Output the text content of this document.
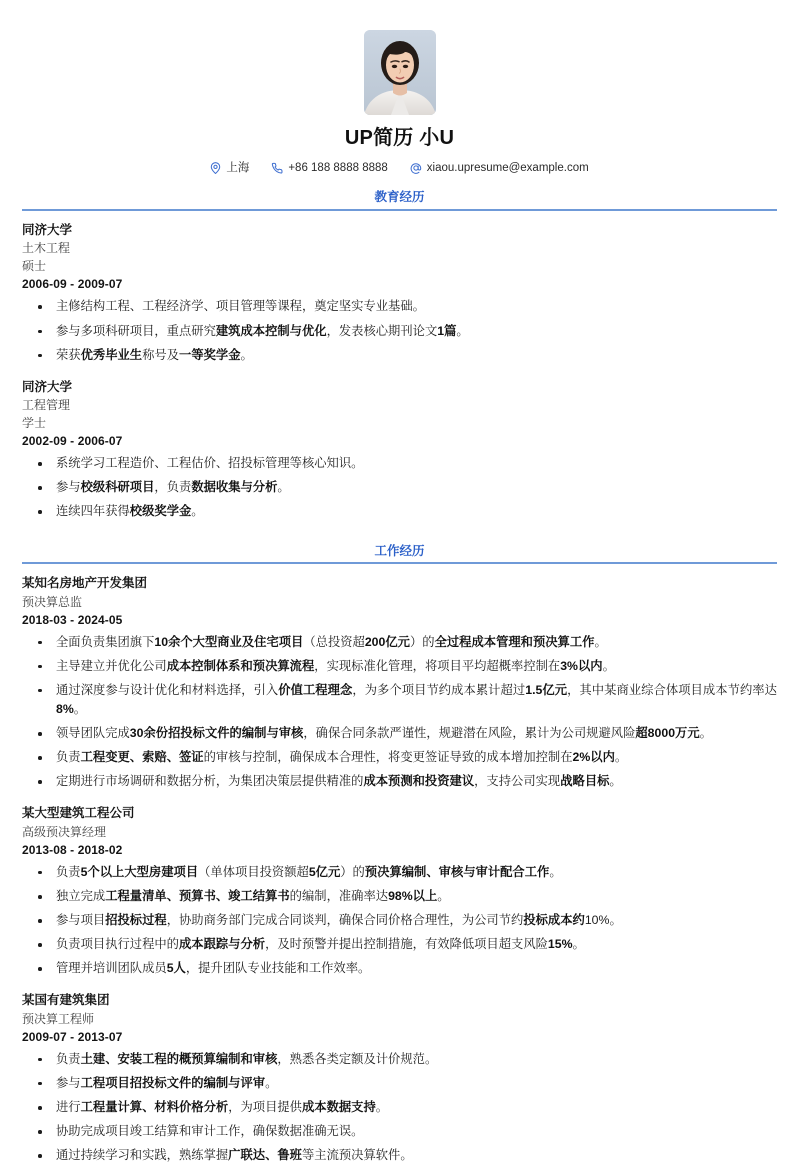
UP简历 小U
上海	+86 188 8888 8888	xiaou.upresume@example.com
教育经历
同济大学
土木工程
硕士
2006-09 - 2009-07
主修结构工程、工程经济学、项目管理等课程，奠定坚实专业基础。
参与多项科研项目，重点研究建筑成本控制与优化，发表核心期刊论文1篇。
荣获优秀毕业生称号及一等奖学金。
同济大学
工程管理
学士
2002-09 - 2006-07
系统学习工程造价、工程估价、招投标管理等核心知识。
参与校级科研项目，负责数据收集与分析。
连续四年获得校级奖学金。
工作经历
某知名房地产开发集团
预决算总监
2018-03 - 2024-05
全面负责集团旗下10余个大型商业及住宅项目（总投资超200亿元）的全过程成本管理和预决算工作。
主导建立并优化公司成本控制体系和预决算流程，实现标准化管理，将项目平均超概率控制在3%以内。
通过深度参与设计优化和材料选择，引入价值工程理念，为多个项目节约成本累计超过1.5亿元，其中某商业综合体项目成本节约率达8%。
领导团队完成30余份招投标文件的编制与审核，确保合同条款严谨性，规避潜在风险，累计为公司规避风险超8000万元。
负责工程变更、索赔、签证的审核与控制，确保成本合理性，将变更签证导致的成本增加控制在2%以内。
定期进行市场调研和数据分析，为集团决策层提供精准的成本预测和投资建议，支持公司实现战略目标。
某大型建筑工程公司
高级预决算经理
2013-08 - 2018-02
负责5个以上大型房建项目（单体项目投资额超5亿元）的预决算编制、审核与审计配合工作。
独立完成工程量清单、预算书、竣工结算书的编制，准确率达98%以上。
参与项目招投标过程，协助商务部门完成合同谈判，确保合同价格合理性，为公司节约投标成本约10%。
负责项目执行过程中的成本跟踪与分析，及时预警并提出控制措施，有效降低项目超支风险15%。
管理并培训团队成员5人，提升团队专业技能和工作效率。
某国有建筑集团
预决算工程师
2009-07 - 2013-07
负责土建、安装工程的概预算编制和审核，熟悉各类定额及计价规范。
参与工程项目招投标文件的编制与评审。
进行工程量计算、材料价格分析，为项目提供成本数据支持。
协助完成项目竣工结算和审计工作，确保数据准确无误。
通过持续学习和实践，熟练掌握广联达、鲁班等主流预决算软件。
